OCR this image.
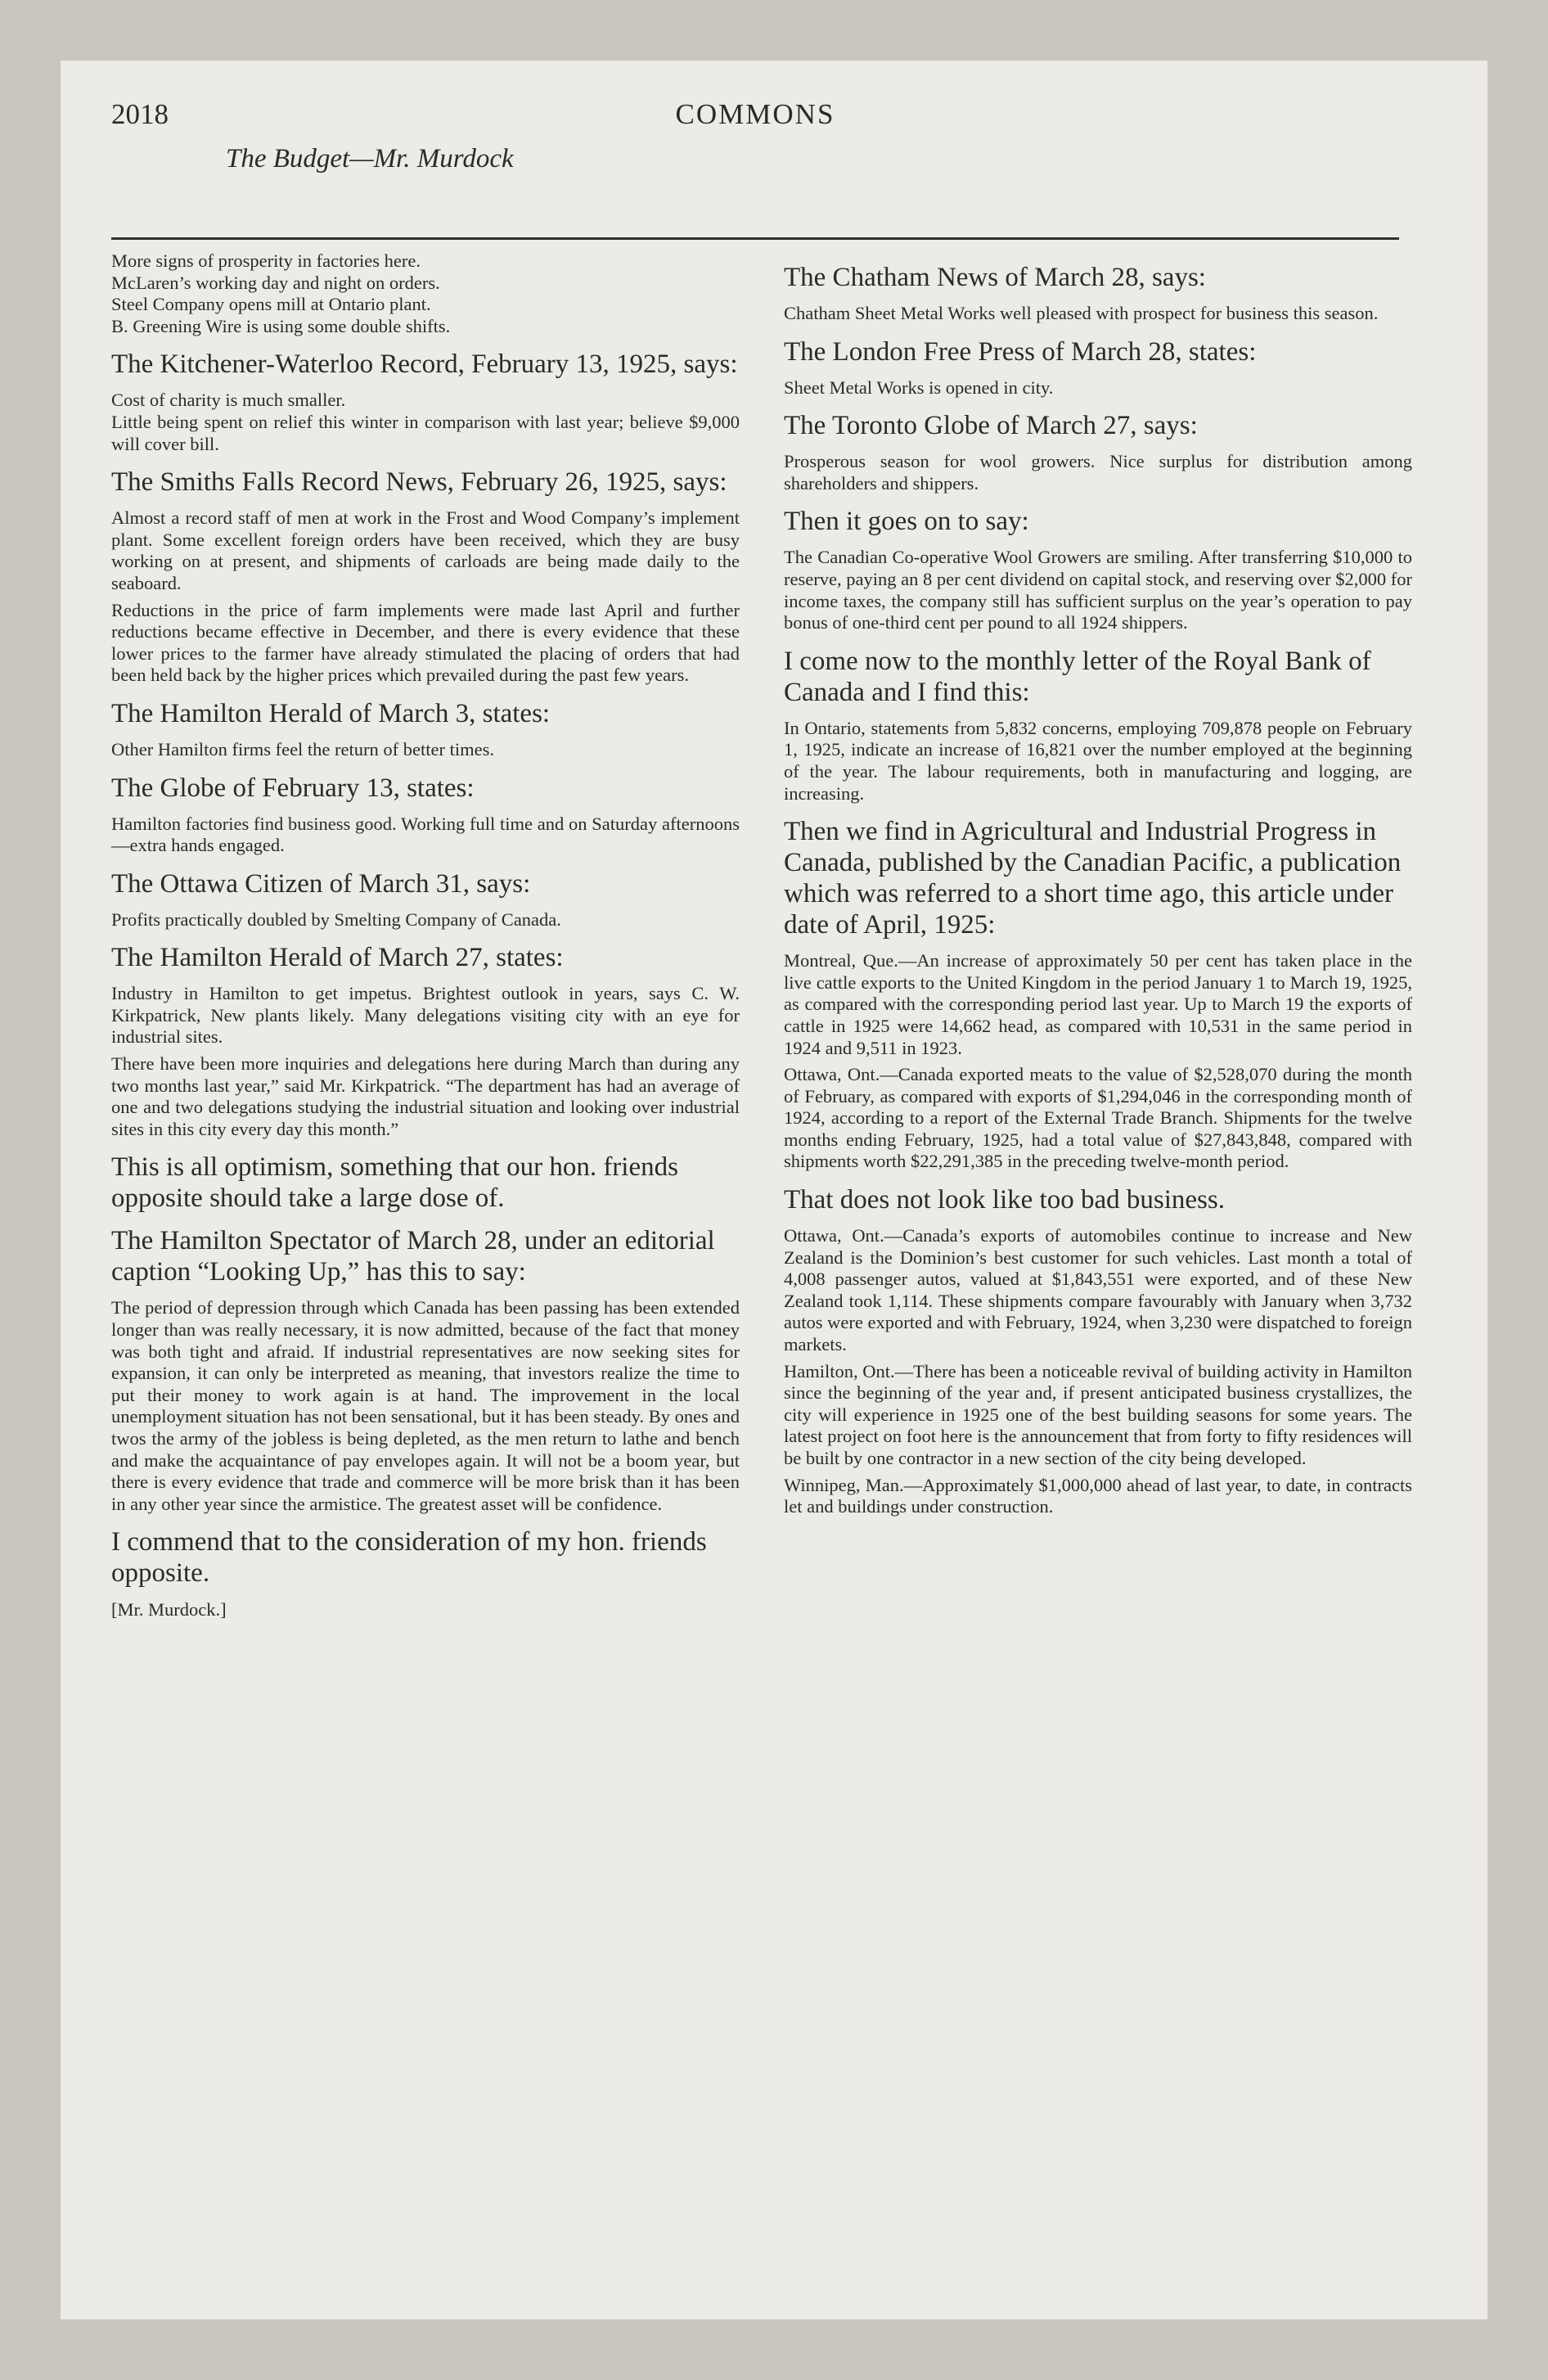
2018	COMMONS
The Budget—Mr. Murdock
More signs of prosperity in factories here.
McLaren’s working day and night on orders.
Steel Company opens mill at Ontario plant.
B. Greening Wire is using some double shifts.
The Kitchener-Waterloo Record, February 13, 1925, says:
Cost of charity is much smaller.
Little being spent on relief this winter in comparison with last year; believe $9,000 will cover bill.
The Smiths Falls Record News, February 26, 1925, says:
Almost a record staff of men at work in the Frost and Wood Company’s implement plant. Some excellent foreign orders have been received, which they are busy working on at present, and shipments of carloads are being made daily to the seaboard.
Reductions in the price of farm implements were made last April and further reductions became effective in December, and there is every evidence that these lower prices to the farmer have already stimulated the placing of orders that had been held back by the higher prices which prevailed during the past few years.
The Hamilton Herald of March 3, states:
Other Hamilton firms feel the return of better times.
The Globe of February 13, states:
Hamilton factories find business good. Working full time and on Saturday afternoons—extra hands engaged.
The Ottawa Citizen of March 31, says:
Profits practically doubled by Smelting Company of Canada.
The Hamilton Herald of March 27, states:
Industry in Hamilton to get impetus. Brightest outlook in years, says C. W. Kirkpatrick, New plants likely. Many delegations visiting city with an eye for industrial sites.
There have been more inquiries and delegations here during March than during any two months last year,” said Mr. Kirkpatrick. “The department has had an average of one and two delegations studying the industrial situation and looking over industrial sites in this city every day this month.”
This is all optimism, something that our hon. friends opposite should take a large dose of.
The Hamilton Spectator of March 28, under an editorial caption “Looking Up,” has this to say:
The period of depression through which Canada has been passing has been extended longer than was really necessary, it is now admitted, because of the fact that money was both tight and afraid. If industrial representatives are now seeking sites for expansion, it can only be interpreted as meaning, that investors realize the time to put their money to work again is at hand. The improvement in the local unemployment situation has not been sensational, but it has been steady. By ones and twos the army of the jobless is being depleted, as the men return to lathe and bench and make the acquaintance of pay envelopes again. It will not be a boom year, but there is every evidence that trade and commerce will be more brisk than it has been in any other year since the armistice. The greatest asset will be confidence.
I commend that to the consideration of my hon. friends opposite.
[Mr. Murdock.]
The Chatham News of March 28, says:
Chatham Sheet Metal Works well pleased with prospect for business this season.
The London Free Press of March 28, states:
Sheet Metal Works is opened in city.
The Toronto Globe of March 27, says:
Prosperous season for wool growers. Nice surplus for distribution among shareholders and shippers.
Then it goes on to say:
The Canadian Co-operative Wool Growers are smiling. After transferring $10,000 to reserve, paying an 8 per cent dividend on capital stock, and reserving over $2,000 for income taxes, the company still has sufficient surplus on the year’s operation to pay bonus of one-third cent per pound to all 1924 shippers.
I come now to the monthly letter of the Royal Bank of Canada and I find this:
In Ontario, statements from 5,832 concerns, employing 709,878 people on February 1, 1925, indicate an increase of 16,821 over the number employed at the beginning of the year. The labour requirements, both in manufacturing and logging, are increasing.
Then we find in Agricultural and Industrial Progress in Canada, published by the Canadian Pacific, a publication which was referred to a short time ago, this article under date of April, 1925:
Montreal, Que.—An increase of approximately 50 per cent has taken place in the live cattle exports to the United Kingdom in the period January 1 to March 19, 1925, as compared with the corresponding period last year. Up to March 19 the exports of cattle in 1925 were 14,662 head, as compared with 10,531 in the same period in 1924 and 9,511 in 1923.
Ottawa, Ont.—Canada exported meats to the value of $2,528,070 during the month of February, as compared with exports of $1,294,046 in the corresponding month of 1924, according to a report of the External Trade Branch. Shipments for the twelve months ending February, 1925, had a total value of $27,843,848, compared with shipments worth $22,291,385 in the preceding twelve-month period.
That does not look like too bad business.
Ottawa, Ont.—Canada’s exports of automobiles continue to increase and New Zealand is the Dominion’s best customer for such vehicles. Last month a total of 4,008 passenger autos, valued at $1,843,551 were exported, and of these New Zealand took 1,114. These shipments compare favourably with January when 3,732 autos were exported and with February, 1924, when 3,230 were dispatched to foreign markets.
Hamilton, Ont.—There has been a noticeable revival of building activity in Hamilton since the beginning of the year and, if present anticipated business crystallizes, the city will experience in 1925 one of the best building seasons for some years. The latest project on foot here is the announcement that from forty to fifty residences will be built by one contractor in a new section of the city being developed.
Winnipeg, Man.—Approximately $1,000,000 ahead of last year, to date, in contracts let and buildings under construction.
